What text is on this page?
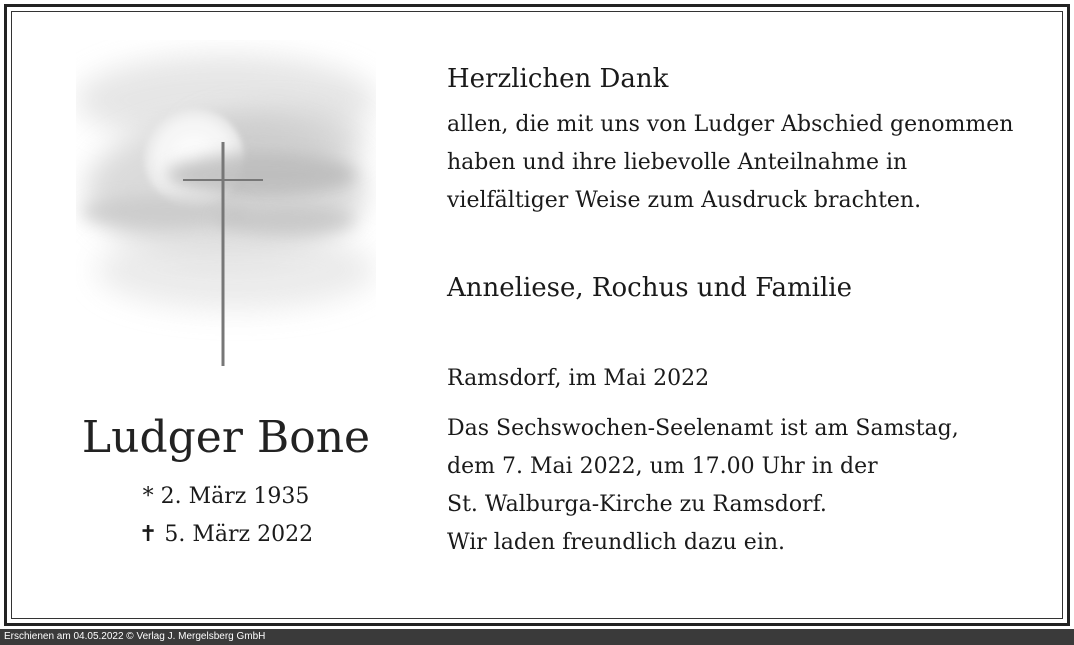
Ludger Bone
* 2. März 1935
✝ 5. März 2022
Herzlichen Dank
allen, die mit uns von Ludger Abschied genommen
haben und ihre liebevolle Anteilnahme in
vielfältiger Weise zum Ausdruck brachten.
Anneliese, Rochus und Familie
Ramsdorf, im Mai 2022
Das Sechswochen-Seelenamt ist am Samstag,
dem 7. Mai 2022, um 17.00 Uhr in der
St. Walburga-Kirche zu Ramsdorf.
Wir laden freundlich dazu ein.
Erschienen am 04.05.2022 © Verlag J. Mergelsberg GmbH
